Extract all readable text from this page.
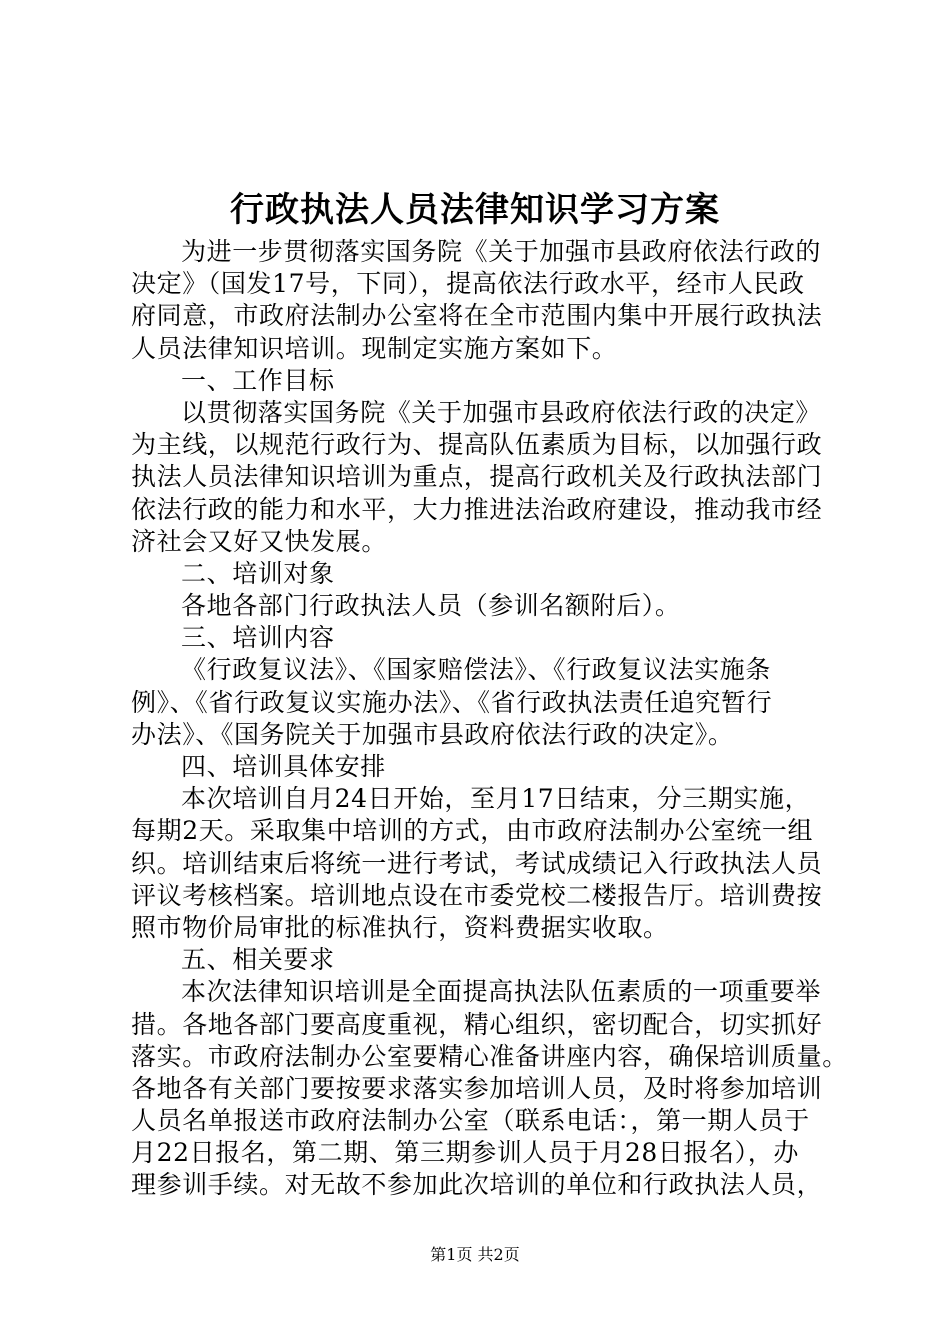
行政执法人员法律知识学习方案
为进一步贯彻落实国务院《关于加强市县政府依法行政的
决定》（国发17号，下同），提高依法行政水平，经市人民政
府同意，市政府法制办公室将在全市范围内集中开展行政执法
人员法律知识培训。现制定实施方案如下。
一、工作目标
以贯彻落实国务院《关于加强市县政府依法行政的决定》
为主线，以规范行政行为、提高队伍素质为目标，以加强行政
执法人员法律知识培训为重点，提高行政机关及行政执法部门
依法行政的能力和水平，大力推进法治政府建设，推动我市经
济社会又好又快发展。
二、培训对象
各地各部门行政执法人员（参训名额附后）。
三、培训内容
《行政复议法》、《国家赔偿法》、《行政复议法实施条
例》、《省行政复议实施办法》、《省行政执法责任追究暂行
办法》、《国务院关于加强市县政府依法行政的决定》。
四、培训具体安排
本次培训自月24日开始，至月17日结束，分三期实施，
每期2天。采取集中培训的方式，由市政府法制办公室统一组
织。培训结束后将统一进行考试，考试成绩记入行政执法人员
评议考核档案。培训地点设在市委党校二楼报告厅。培训费按
照市物价局审批的标准执行，资料费据实收取。
五、相关要求
本次法律知识培训是全面提高执法队伍素质的一项重要举
措。各地各部门要高度重视，精心组织，密切配合，切实抓好
落实。市政府法制办公室要精心准备讲座内容，确保培训质量。
各地各有关部门要按要求落实参加培训人员，及时将参加培训
人员名单报送市政府法制办公室（联系电话：，第一期人员于
月22日报名，第二期、第三期参训人员于月28日报名），办
理参训手续。对无故不参加此次培训的单位和行政执法人员，
第1页 共2页
